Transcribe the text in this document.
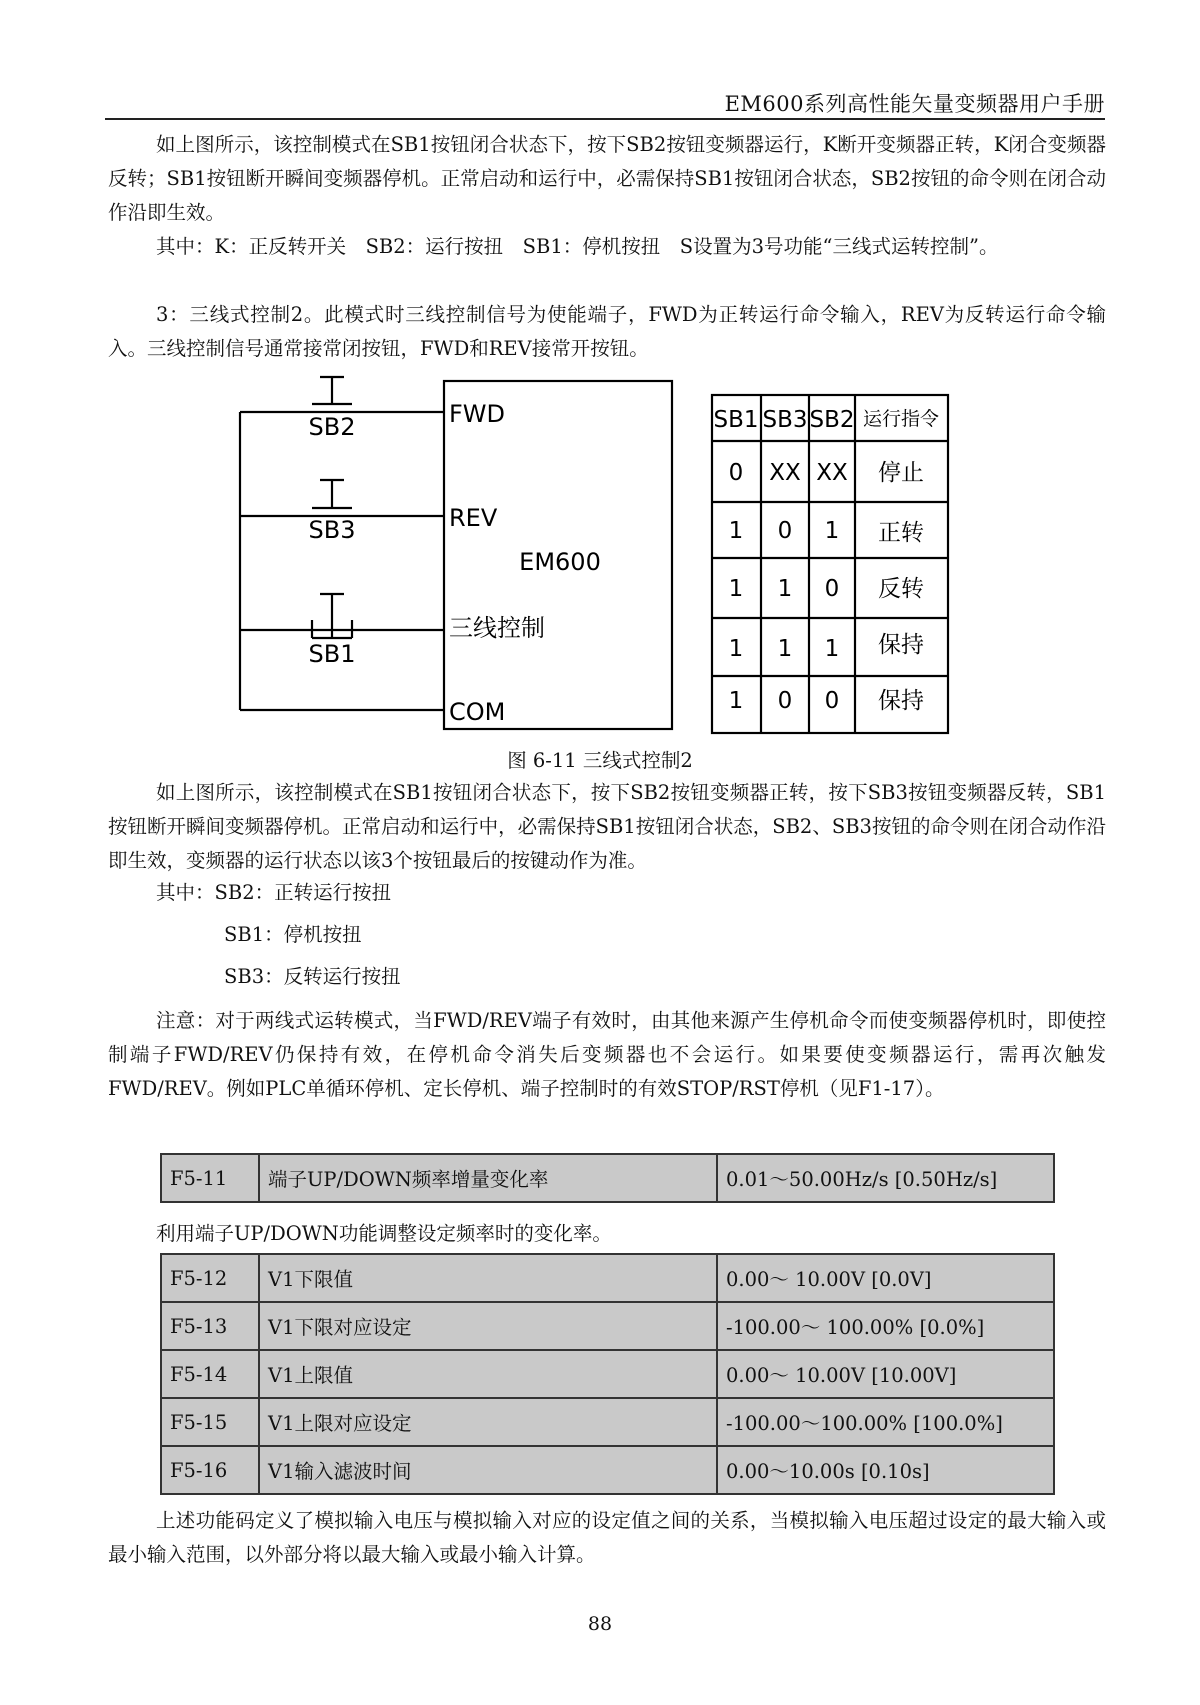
EM600系列高性能矢量变频器用户手册

如上图所示，该控制模式在SB1按钮闭合状态下，按下SB2按钮变频器运行，K断开变频器正转，K闭合变频器反转；SB1按钮断开瞬间变频器停机。正常启动和运行中，必需保持SB1按钮闭合状态，SB2按钮的命令则在闭合动作沿即生效。

其中：K：正反转开关　SB2：运行按扭　SB1：停机按扭　S设置为3号功能“三线式运转控制”。

3：三线式控制2。此模式时三线控制信号为使能端子，FWD为正转运行命令输入，REV为反转运行命令输入。三线控制信号通常接常闭按钮，FWD和REV接常开按钮。

SB2
SB3
SB1
FWD
REV
三线控制
COM
EM600
SB1 SB3 SB2 运行指令
0 XX XX 停止
1 0 1 正转
1 1 0 反转
1 1 1 保持
1 0 0 保持
图 6-11 三线式控制2

如上图所示，该控制模式在SB1按钮闭合状态下，按下SB2按钮变频器正转，按下SB3按钮变频器反转，SB1按钮断开瞬间变频器停机。正常启动和运行中，必需保持SB1按钮闭合状态，SB2、SB3按钮的命令则在闭合动作沿即生效，变频器的运行状态以该3个按钮最后的按键动作为准。

其中：SB2：正转运行按扭

SB1：停机按扭

SB3：反转运行按扭

注意：对于两线式运转模式，当FWD/REV端子有效时，由其他来源产生停机命令而使变频器停机时，即使控制端子FWD/REV仍保持有效，在停机命令消失后变频器也不会运行。如果要使变频器运行，需再次触发FWD/REV。例如PLC单循环停机、定长停机、端子控制时的有效STOP/RST停机（见F1-17）。

F5-11	端子UP/DOWN频率增量变化率	0.01～50.00Hz/s [0.50Hz/s]

利用端子UP/DOWN功能调整设定频率时的变化率。

F5-12	V1下限值	0.00～ 10.00V [0.0V]
F5-13	V1下限对应设定	-100.00～ 100.00% [0.0%]
F5-14	V1上限值	0.00～ 10.00V [10.00V]
F5-15	V1上限对应设定	-100.00～100.00% [100.0%]
F5-16	V1输入滤波时间	0.00～10.00s [0.10s]

上述功能码定义了模拟输入电压与模拟输入对应的设定值之间的关系，当模拟输入电压超过设定的最大输入或最小输入范围，以外部分将以最大输入或最小输入计算。

88
